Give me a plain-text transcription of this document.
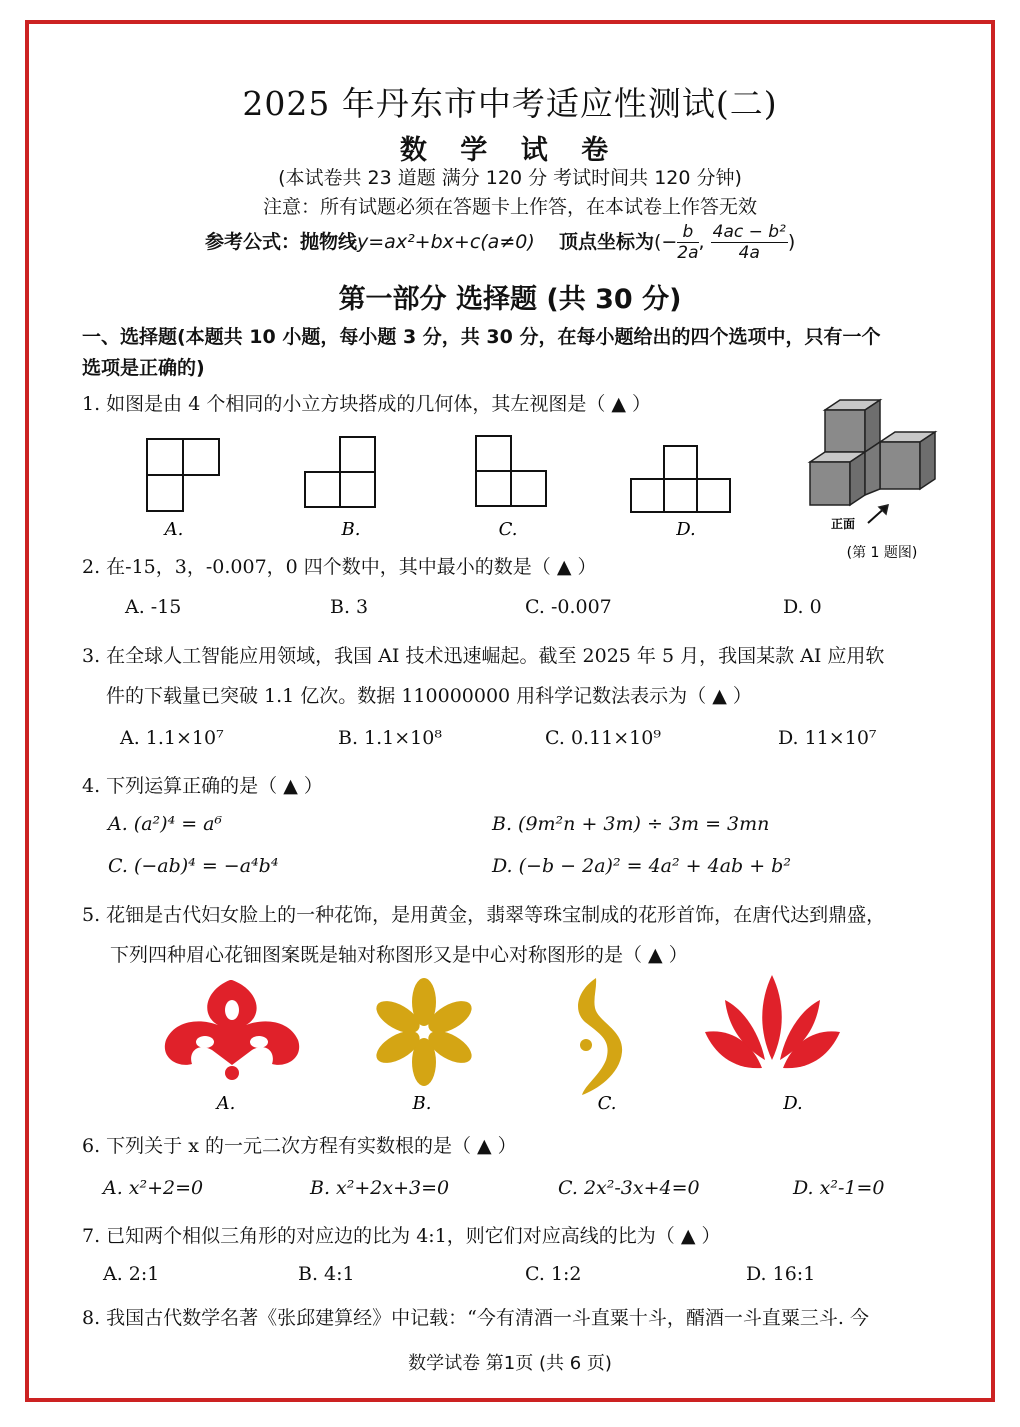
2025 年丹东市中考适应性测试(二)
数 学 试 卷
(本试卷共 23 道题 满分 120 分 考试时间共 120 分钟)
注意：所有试题必须在答题卡上作答，在本试卷上作答无效
参考公式：抛物线y=ax²+bx+c(a≠0) 顶点坐标为(− $\frac{b}{2a}$ , $\frac{\text{4ac − b²}}{4a}$ )
第一部分 选择题 (共 30 分)
一、选择题(本题共 10 小题，每小题 3 分，共 30 分，在每小题给出的四个选项中，只有一个
选项是正确的)
1. 如图是由 4 个相同的小立方块搭成的几何体，其左视图是（ ▲ ）
A.	B.	C.	D.	正面
(第 1 题图)
2. 在-15，3，-0.007，0 四个数中，其中最小的数是（ ▲ ）
A. -15	B. 3	C. -0.007	D. 0
3. 在全球人工智能应用领域，我国 AI 技术迅速崛起。截至 2025 年 5 月，我国某款 AI 应用软
件的下载量已突破 1.1 亿次。数据 110000000 用科学记数法表示为（ ▲ ）
A. 1.1×10⁷	B. 1.1×10⁸	C. 0.11×10⁹	D. 11×10⁷
4. 下列运算正确的是（ ▲ ）
A. (a²)⁴ = a⁶	B. (9m²n + 3m) ÷ 3m = 3mn
C. (−ab)⁴ = −a⁴b⁴	D. (−b − 2a)² = 4a² + 4ab + b²
5. 花钿是古代妇女脸上的一种花饰，是用黄金，翡翠等珠宝制成的花形首饰，在唐代达到鼎盛，
下列四种眉心花钿图案既是轴对称图形又是中心对称图形的是（ ▲ ）
A.	B.	C.	D.
6. 下列关于 x 的一元二次方程有实数根的是（ ▲ ）
A. x²+2=0	B. x²+2x+3=0	C. 2x²-3x+4=0	D. x²-1=0
7. 已知两个相似三角形的对应边的比为 4:1，则它们对应高线的比为（ ▲ ）
A. 2:1	B. 4:1	C. 1:2	D. 16:1
8. 我国古代数学名著《张邱建算经》中记载：“今有清酒一斗直粟十斗，醑酒一斗直粟三斗. 今
数学试卷 第1页 (共 6 页)
